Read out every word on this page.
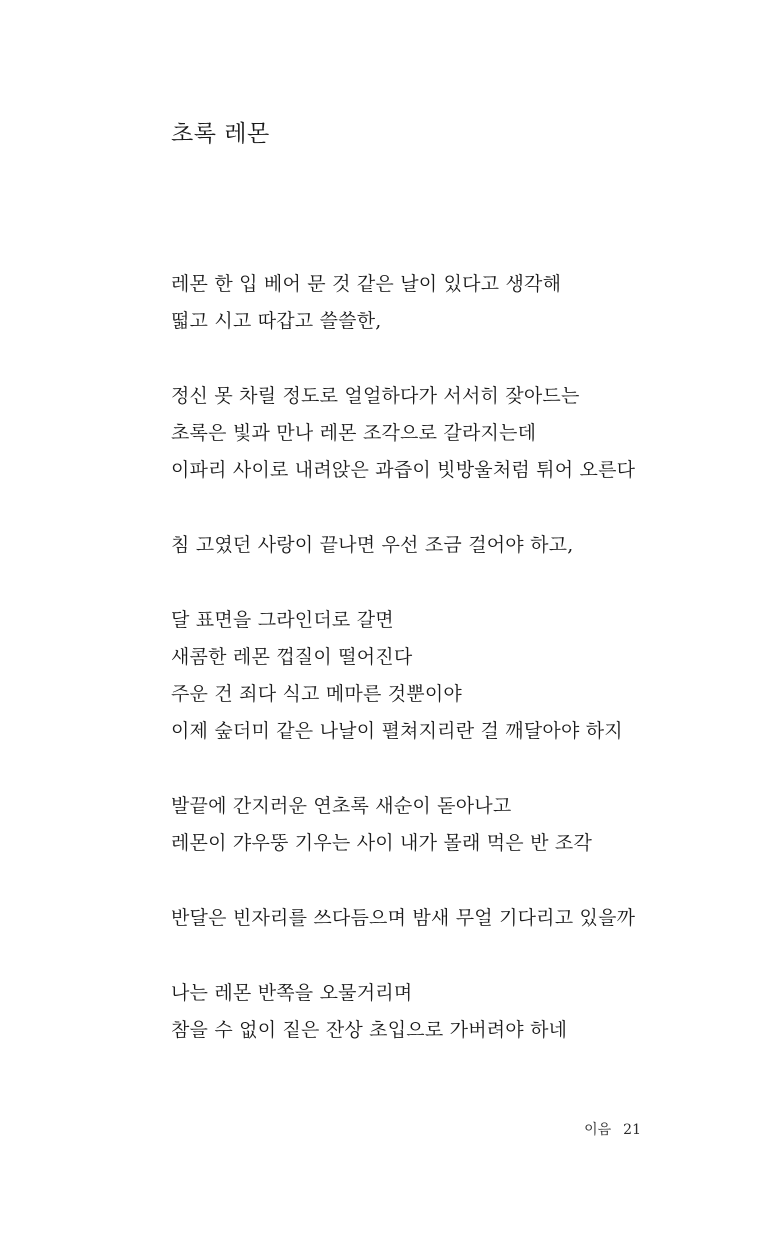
초록 레몬
레몬 한 입 베어 문 것 같은 날이 있다고 생각해
떫고 시고 따갑고 쓸쓸한,
정신 못 차릴 정도로 얼얼하다가 서서히 잦아드는
초록은 빛과 만나 레몬 조각으로 갈라지는데
이파리 사이로 내려앉은 과즙이 빗방울처럼 튀어 오른다
침 고였던 사랑이 끝나면 우선 조금 걸어야 하고,
달 표면을 그라인더로 갈면
새콤한 레몬 껍질이 떨어진다
주운 건 죄다 식고 메마른 것뿐이야
이제 숲더미 같은 나날이 펼쳐지리란 걸 깨달아야 하지
발끝에 간지러운 연초록 새순이 돋아나고
레몬이 갸우뚱 기우는 사이 내가 몰래 먹은 반 조각
반달은 빈자리를 쓰다듬으며 밤새 무얼 기다리고 있을까
나는 레몬 반쪽을 오물거리며
참을 수 없이 짙은 잔상 초입으로 가버려야 하네
이음 21
